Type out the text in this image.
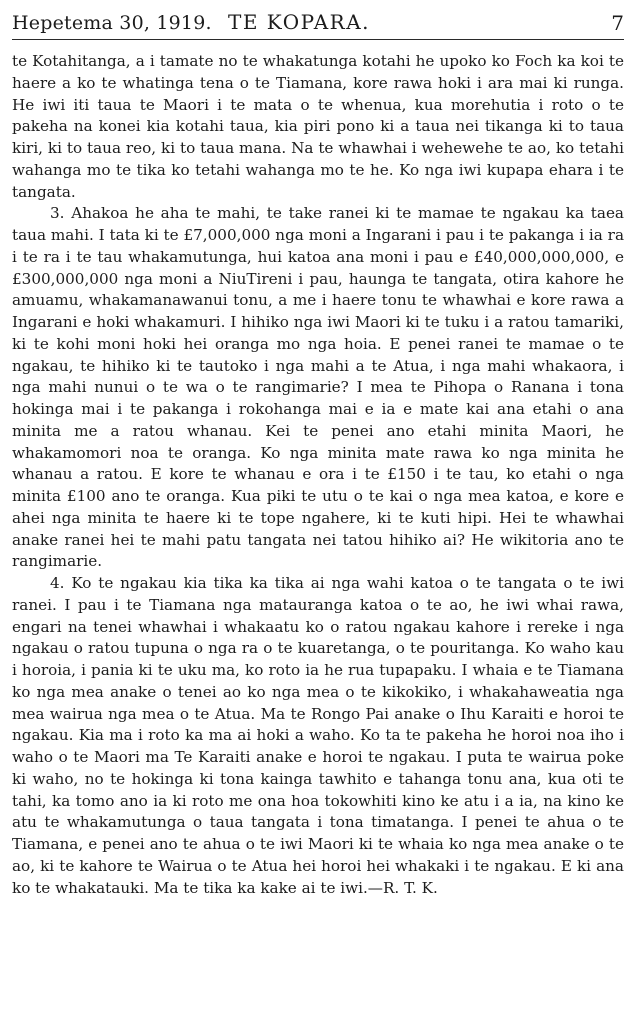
Hepetema 30, 1919. TE KOPARA.	7

te Kotahitanga, a i tamate no te whakatunga kotahi he upoko ko Foch ka koi te haere a ko te whatinga tena o te Tiamana, kore rawa hoki i ara mai ki runga. He iwi iti taua te Maori i te mata o te whenua, kua morehutia i roto o te pakeha na konei kia kotahi taua, kia piri pono ki a taua nei tikanga ki to taua kiri, ki to taua reo, ki to taua mana. Na te whawhai i wehewehe te ao, ko tetahi wahanga mo te tika ko tetahi wahanga mo te he. Ko nga iwi kupapa ehara i te tangata.

3. Ahakoa he aha te mahi, te take ranei ki te mamae te ngakau ka taea taua mahi. I tata ki te £7,000,000 nga moni a Ingarani i pau i te pakanga i ia ra i te ra i te tau whakamutunga, hui katoa ana moni i pau e £40,000,000,000, e £300,000,000 nga moni a NiuTireni i pau, haunga te tangata, otira kahore he amuamu, whakamanawanui tonu, a me i haere tonu te whawhai e kore rawa a Ingarani e hoki whakamuri. I hihiko nga iwi Maori ki te tuku i a ratou tamariki, ki te kohi moni hoki hei oranga mo nga hoia. E penei ranei te mamae o te ngakau, te hihiko ki te tautoko i nga mahi a te Atua, i nga mahi whakaora, i nga mahi nunui o te wa o te rangimarie? I mea te Pihopa o Ranana i tona hokinga mai i te pakanga i rokohanga mai e ia e mate kai ana etahi o ana minita me a ratou whanau. Kei te penei ano etahi minita Maori, he whakamomori noa te oranga. Ko nga minita mate rawa ko nga minita he whanau a ratou. E kore te whanau e ora i te £150 i te tau, ko etahi o nga minita £100 ano te oranga. Kua piki te utu o te kai o nga mea katoa, e kore e ahei nga minita te haere ki te tope ngahere, ki te kuti hipi. Hei te whawhai anake ranei hei te mahi patu tangata nei tatou hihiko ai? He wikitoria ano te rangimarie.

4. Ko te ngakau kia tika ka tika ai nga wahi katoa o te tangata o te iwi ranei. I pau i te Tiamana nga matauranga katoa o te ao, he iwi whai rawa, engari na tenei whawhai i whakaatu ko o ratou ngakau kahore i rereke i nga ngakau o ratou tupuna o nga ra o te kuaretanga, o te pouritanga. Ko waho kau i horoia, i pania ki te uku ma, ko roto ia he rua tupapaku. I whaia e te Tiamana ko nga mea anake o tenei ao ko nga mea o te kikokiko, i whakahaweatia nga mea wairua nga mea o te Atua. Ma te Rongo Pai anake o Ihu Karaiti e horoi te ngakau. Kia ma i roto ka ma ai hoki a waho. Ko ta te pakeha he horoi noa iho i waho o te Maori ma Te Karaiti anake e horoi te ngakau. I puta te wairua poke ki waho, no te hokinga ki tona kainga tawhito e tahanga tonu ana, kua oti te tahi, ka tomo ano ia ki roto me ona hoa tokowhiti kino ke atu i a ia, na kino ke atu te whakamutunga o taua tangata i tona timatanga. I penei te ahua o te Tiamana, e penei ano te ahua o te iwi Maori ki te whaia ko nga mea anake o te ao, ki te kahore te Wairua o te Atua hei horoi hei whakaki i te ngakau. E ki ana ko te whakatauki. Ma te tika ka kake ai te iwi.—R. T. K.
